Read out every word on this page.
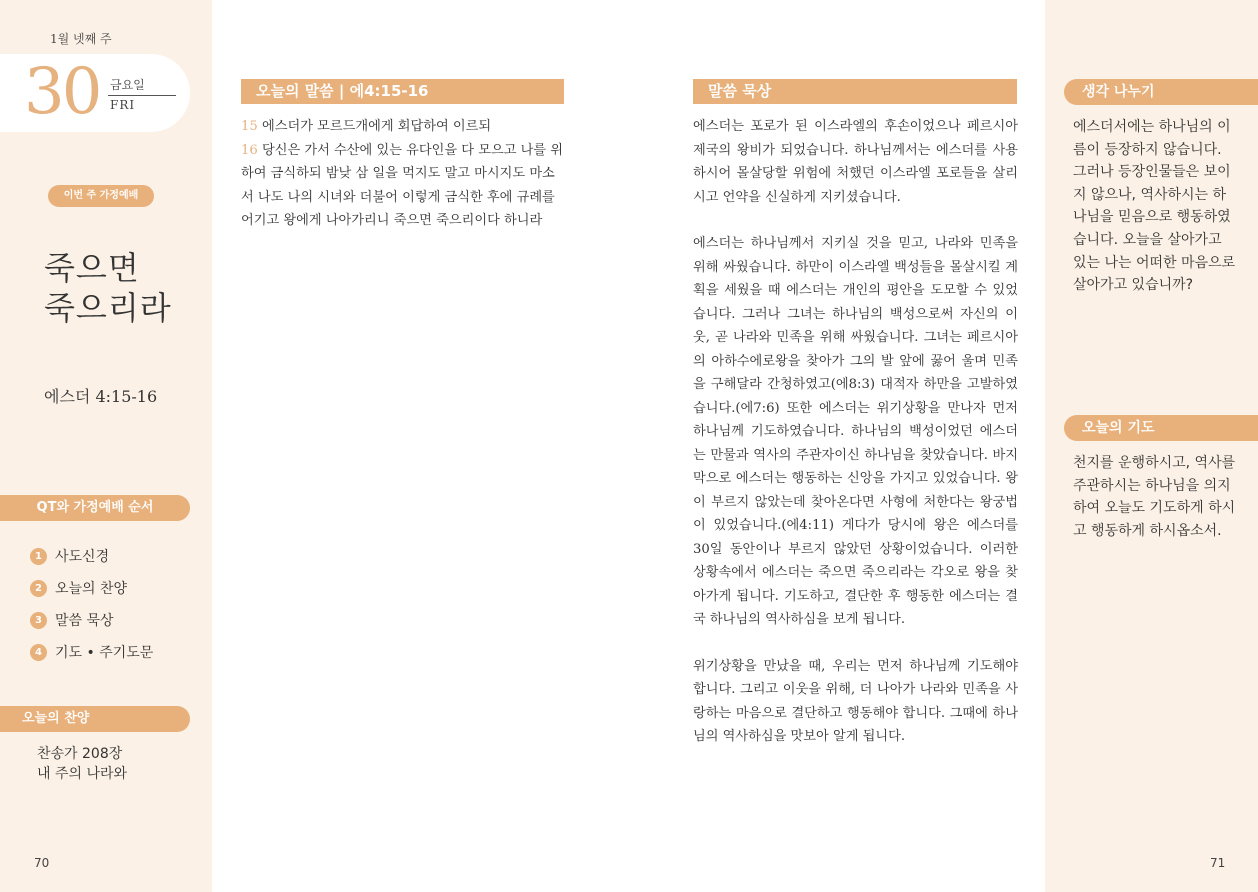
1월 넷째 주
30 금요일
FRI
이번 주 가정예배
죽으면
죽으리라
에스더 4:15-16
QT와 가정예배 순서
1 사도신경
2 오늘의 찬양
3 말씀 묵상
4 기도 • 주기도문
오늘의 찬양
찬송가 208장
내 주의 나라와
70
오늘의 말씀 | 에4:15-16
15 에스더가 모르드개에게 회답하여 이르되
16 당신은 가서 수산에 있는 유다인을 다 모으고 나를 위하여 금식하되 밤낮 삼 일을 먹지도 말고 마시지도 마소서 나도 나의 시녀와 더불어 이렇게 금식한 후에 규례를 어기고 왕에게 나아가리니 죽으면 죽으리이다 하니라
말씀 묵상

에스더는 포로가 된 이스라엘의 후손이었으나 페르시아 제국의 왕비가 되었습니다. 하나님께서는 에스더를 사용하시어 몰살당할 위험에 처했던 이스라엘 포로들을 살리시고 언약을 신실하게 지키셨습니다.

에스더는 하나님께서 지키실 것을 믿고, 나라와 민족을 위해 싸웠습니다. 하만이 이스라엘 백성들을 몰살시킬 계획을 세웠을 때 에스더는 개인의 평안을 도모할 수 있었습니다. 그러나 그녀는 하나님의 백성으로써 자신의 이웃, 곧 나라와 민족을 위해 싸웠습니다. 그녀는 페르시아의 아하수에로왕을 찾아가 그의 발 앞에 꿇어 울며 민족을 구해달라 간청하였고(에8:3) 대적자 하만을 고발하였습니다.(에7:6) 또한 에스더는 위기상황을 만나자 먼저 하나님께 기도하였습니다. 하나님의 백성이었던 에스더는 만물과 역사의 주관자이신 하나님을 찾았습니다. 바지막으로 에스더는 행동하는 신앙을 가지고 있었습니다. 왕이 부르지 않았는데 찾아온다면 사형에 처한다는 왕궁법이 있었습니다.(에4:11) 게다가 당시에 왕은 에스더를 30일 동안이나 부르지 않았던 상황이었습니다. 이러한 상황속에서 에스더는 죽으면 죽으리라는 각오로 왕을 찾아가게 됩니다. 기도하고, 결단한 후 행동한 에스더는 결국 하나님의 역사하심을 보게 됩니다.

위기상황을 만났을 때, 우리는 먼저 하나님께 기도해야 합니다. 그리고 이웃을 위해, 더 나아가 나라와 민족을 사랑하는 마음으로 결단하고 행동해야 합니다. 그때에 하나님의 역사하심을 맛보아 알게 됩니다.

생각 나누기
에스더서에는 하나님의 이름이 등장하지 않습니다. 그러나 등장인물들은 보이지 않으나, 역사하시는 하나님을 믿음으로 행동하였습니다. 오늘을 살아가고 있는 나는 어떠한 마음으로 살아가고 있습니까?
오늘의 기도
천지를 운행하시고, 역사를 주관하시는 하나님을 의지하여 오늘도 기도하게 하시고 행동하게 하시옵소서.
71
